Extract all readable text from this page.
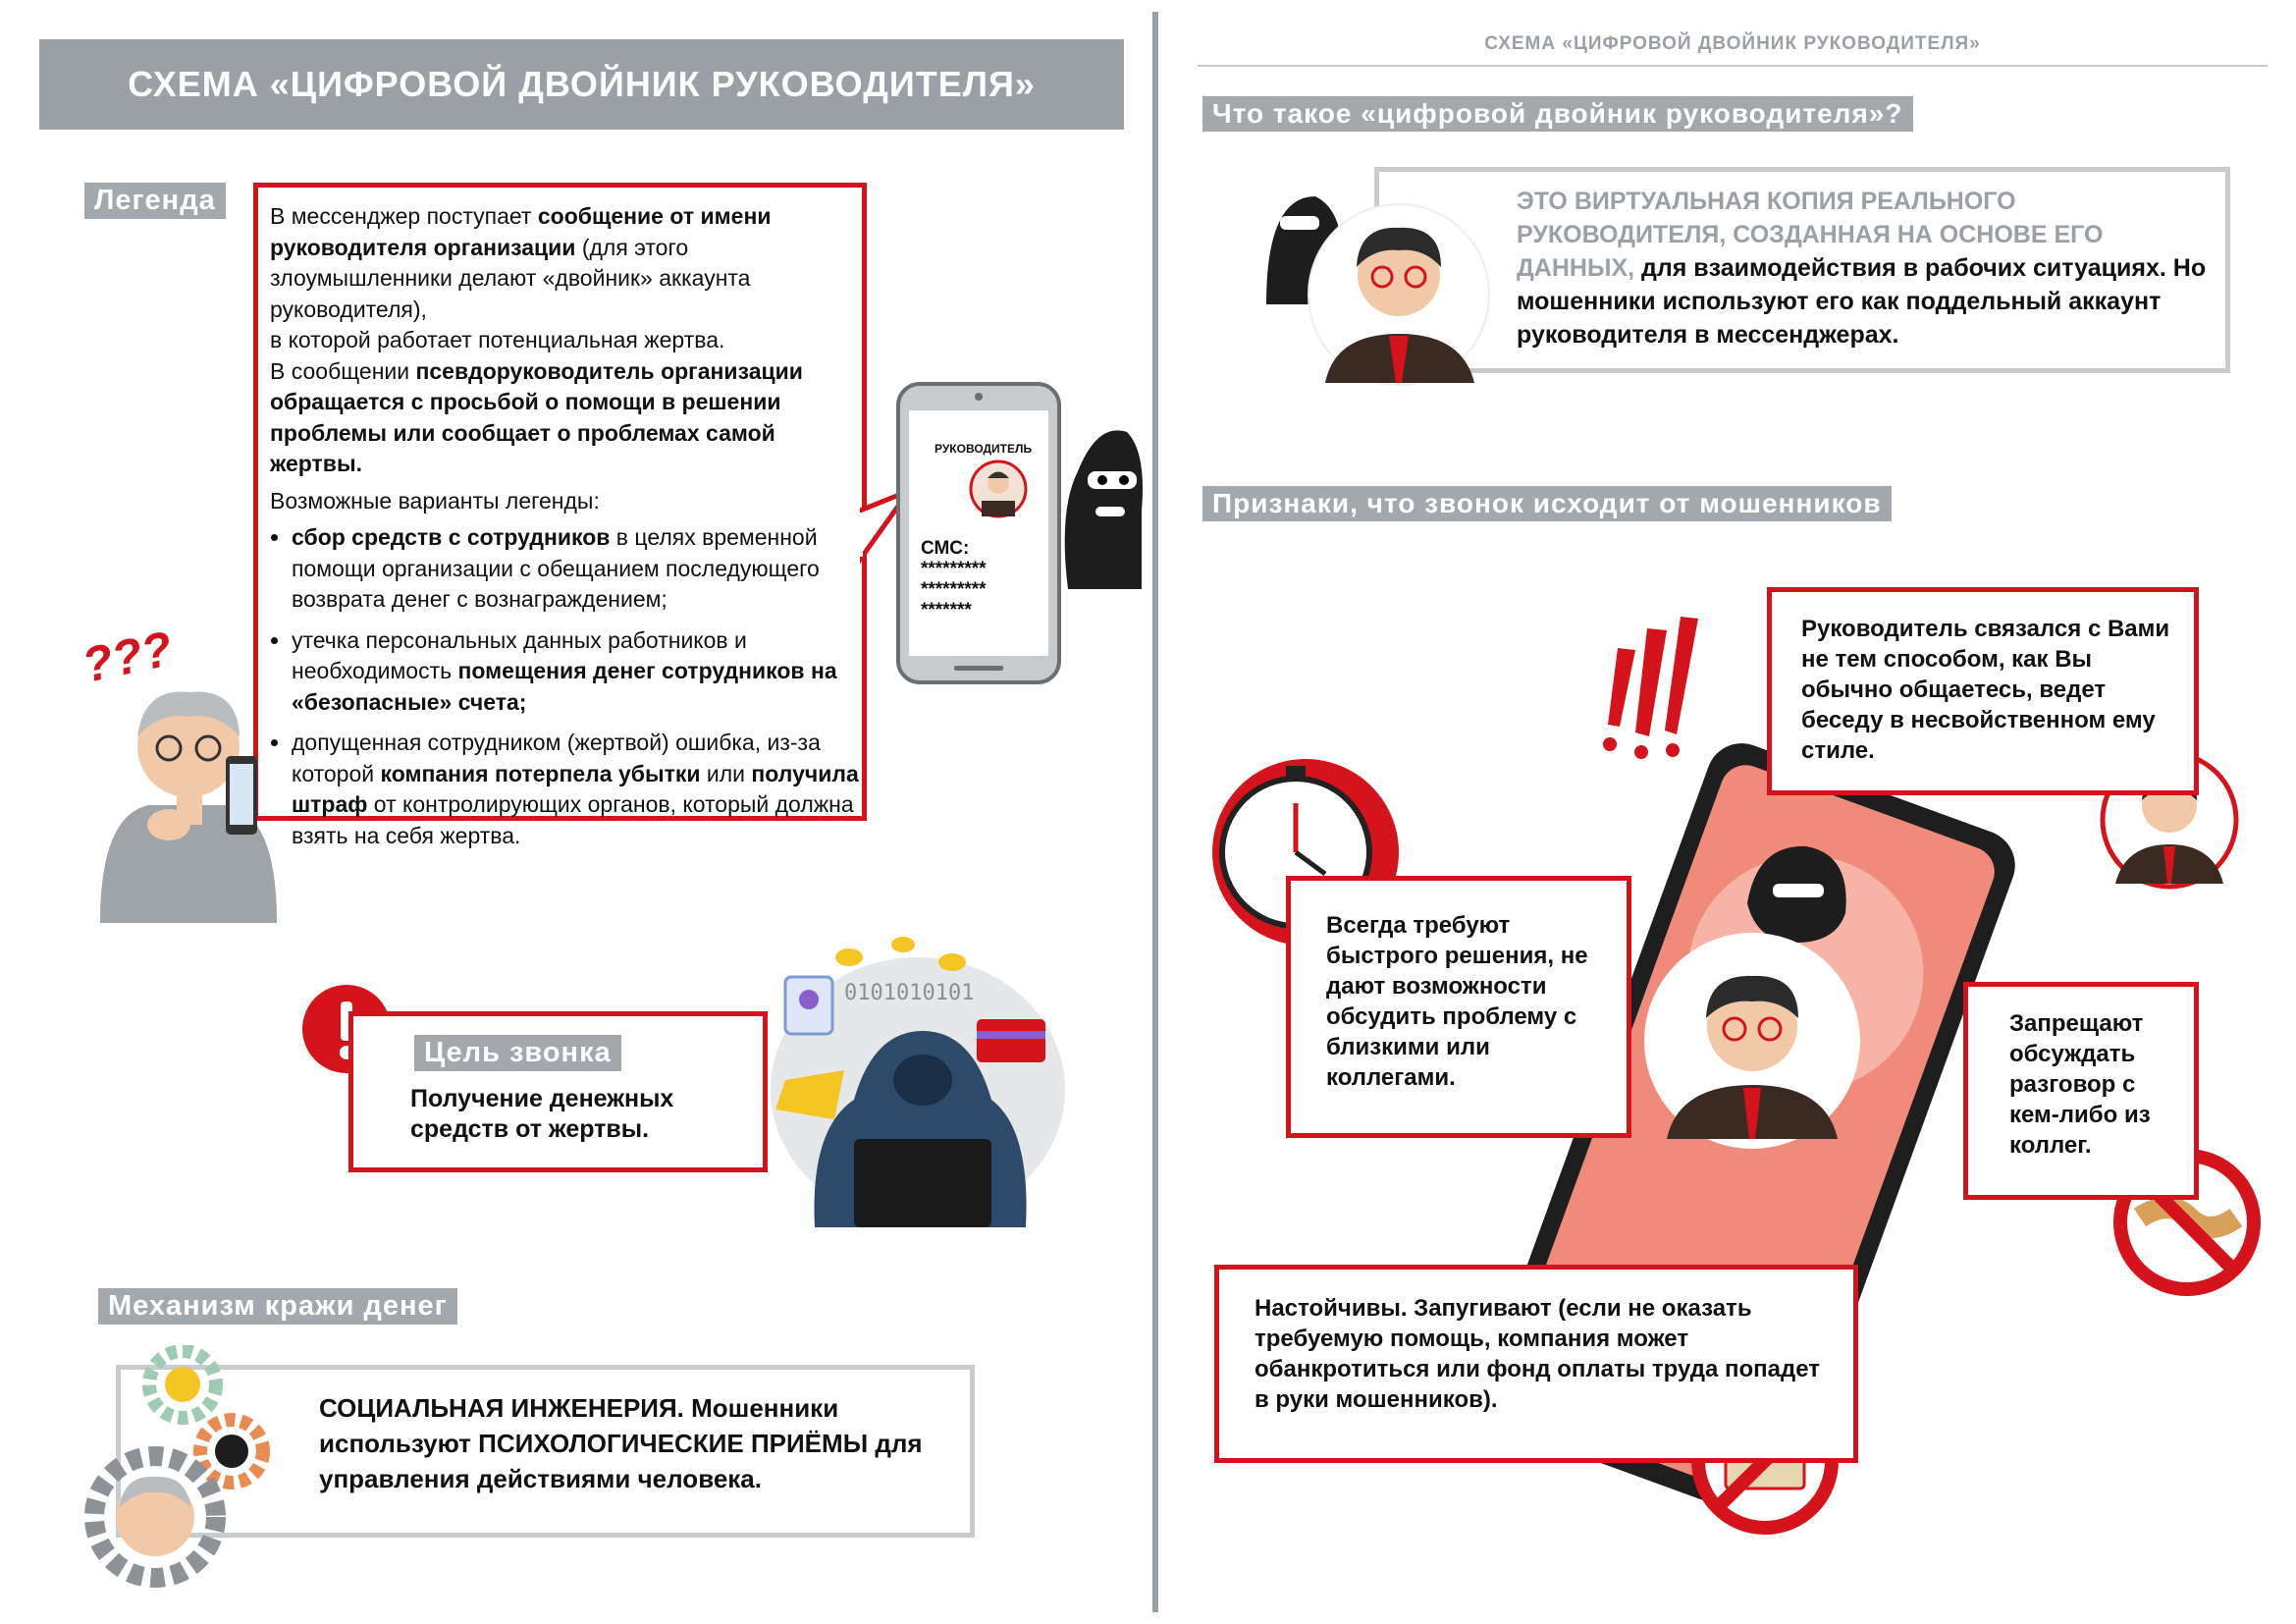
СХЕМА «ЦИФРОВОЙ ДВОЙНИК РУКОВОДИТЕЛЯ»
Легенда	В мессенджер поступает сообщение от имени руководителя организации (для этого злоумышленники делают «двойник» аккаунта руководителя),

в которой работает потенциальная жертва.

В сообщении псевдоруководитель организации обращается с просьбой о помощи в решении проблемы или сообщает о проблемах самой жертвы.

Возможные варианты легенды:

• сбор средств с сотрудников в целях временной помощи организации с обещанием последующего возврата денег с вознаграждением;
• утечка персональных данных работников и необходимость помещения денег сотрудников на «безопасные» счета;
• допущенная сотрудником (жертвой) ошибка, из-за которой компания потерпела убытки или получила штраф от контролирующих органов, который должна взять на себя жертва.
РУКОВОДИТЕЛЬ
СМС:
*********
*********
*******
???
Цель звонка
Получение денежных средств от жертвы.
0101010101
Механизм кражи денег
СОЦИАЛЬНАЯ ИНЖЕНЕРИЯ. Мошенники используют ПСИХОЛОГИЧЕСКИЕ ПРИЁМЫ для управления действиями человека.
СХЕМА «ЦИФРОВОЙ ДВОЙНИК РУКОВОДИТЕЛЯ»
Что такое «цифровой двойник руководителя»?
ЭТО ВИРТУАЛЬНАЯ КОПИЯ РЕАЛЬНОГО РУКОВОДИТЕЛЯ, СОЗДАННАЯ НА ОСНОВЕ ЕГО ДАННЫХ, для взаимодействия в рабочих ситуациях. Но мошенники используют его как поддельный аккаунт руководителя в мессенджерах.
Признаки, что звонок исходит от мошенников
Руководитель связался с Вами не тем способом, как Вы обычно общаетесь, ведет беседу в несвойственном ему стиле.
Всегда требуют быстрого решения, не дают возможности обсудить проблему с близкими или коллегами.
Запрещают обсуждать разговор с кем-либо из коллег.
Настойчивы. Запугивают (если не оказать требуемую помощь, компания может обанкротиться или фонд оплаты труда попадет в руки мошенников).
